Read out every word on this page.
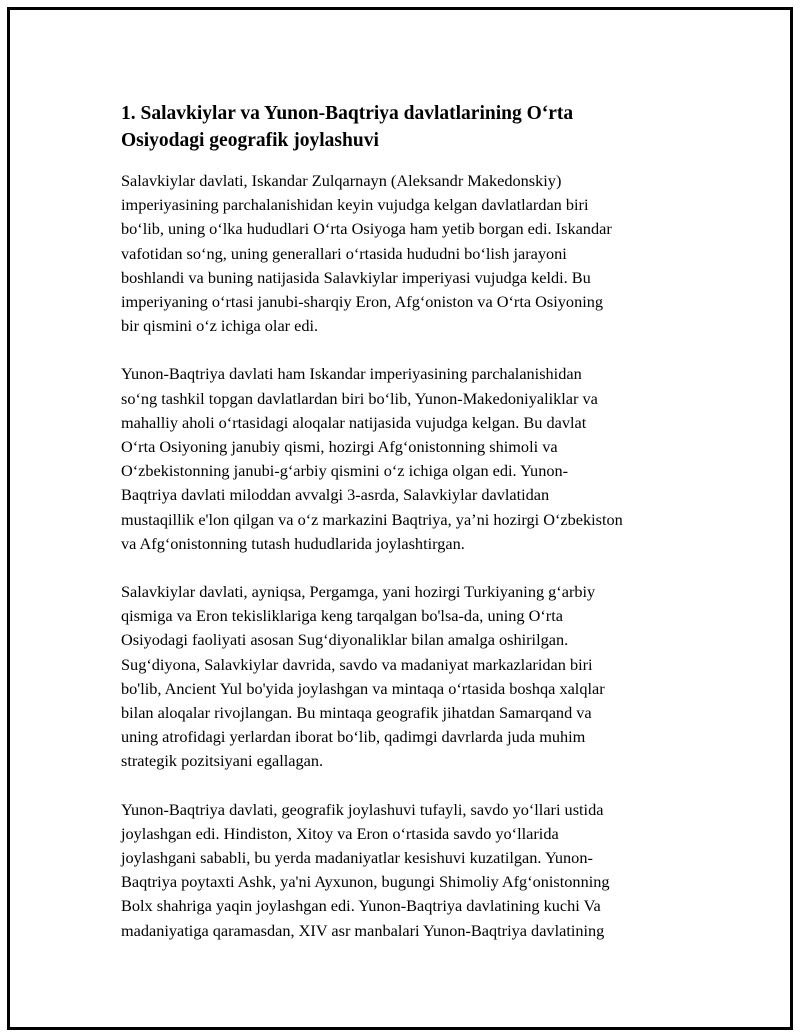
1. Salavkiylar va Yunon-Baqtriya davlatlarining O‘rta
Osiyodagi geografik joylashuvi

Salavkiylar davlati, Iskandar Zulqarnayn (Aleksandr Makedonskiy)
imperiyasining parchalanishidan keyin vujudga kelgan davlatlardan biri
bo‘lib, uning o‘lka hududlari O‘rta Osiyoga ham yetib borgan edi. Iskandar
vafotidan so‘ng, uning generallari o‘rtasida hududni bo‘lish jarayoni
boshlandi va buning natijasida Salavkiylar imperiyasi vujudga keldi. Bu
imperiyaning o‘rtasi janubi-sharqiy Eron, Afg‘oniston va O‘rta Osiyoning
bir qismini o‘z ichiga olar edi.

Yunon-Baqtriya davlati ham Iskandar imperiyasining parchalanishidan
so‘ng tashkil topgan davlatlardan biri bo‘lib, Yunon-Makedoniyaliklar va
mahalliy aholi o‘rtasidagi aloqalar natijasida vujudga kelgan. Bu davlat
O‘rta Osiyoning janubiy qismi, hozirgi Afg‘onistonning shimoli va
O‘zbekistonning janubi-g‘arbiy qismini o‘z ichiga olgan edi. Yunon-
Baqtriya davlati miloddan avvalgi 3-asrda, Salavkiylar davlatidan
mustaqillik e'lon qilgan va o‘z markazini Baqtriya, ya’ni hozirgi O‘zbekiston
va Afg‘onistonning tutash hududlarida joylashtirgan.

Salavkiylar davlati, ayniqsa, Pergamga, yani hozirgi Turkiyaning g‘arbiy
qismiga va Eron tekisliklariga keng tarqalgan bo'lsa-da, uning O‘rta
Osiyodagi faoliyati asosan Sug‘diyonaliklar bilan amalga oshirilgan.
Sug‘diyona, Salavkiylar davrida, savdo va madaniyat markazlaridan biri
bo'lib, Ancient Yul bo'yida joylashgan va mintaqa o‘rtasida boshqa xalqlar
bilan aloqalar rivojlangan. Bu mintaqa geografik jihatdan Samarqand va
uning atrofidagi yerlardan iborat bo‘lib, qadimgi davrlarda juda muhim
strategik pozitsiyani egallagan.

Yunon-Baqtriya davlati, geografik joylashuvi tufayli, savdo yo‘llari ustida
joylashgan edi. Hindiston, Xitoy va Eron o‘rtasida savdo yo‘llarida
joylashgani sababli, bu yerda madaniyatlar kesishuvi kuzatilgan. Yunon-
Baqtriya poytaxti Ashk, ya'ni Ayxunon, bugungi Shimoliy Afg‘onistonning
Bolx shahriga yaqin joylashgan edi. Yunon-Baqtriya davlatining kuchi Va
madaniyatiga qaramasdan, XIV asr manbalari Yunon-Baqtriya davlatining
